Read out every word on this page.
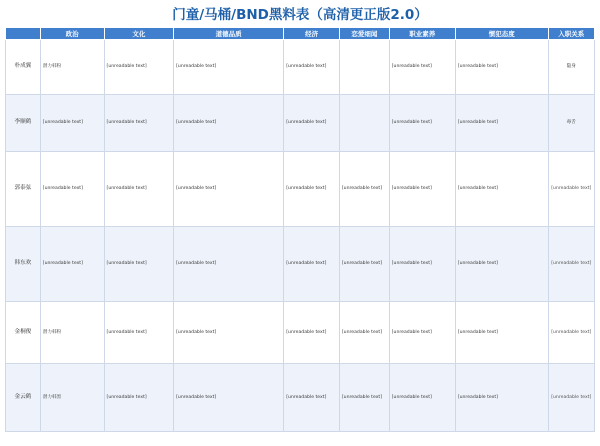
门童/马桶/BND黑料表（高清更正版2.0）
	政治	文化	道德品质	经济	恋爱细闻	职业素养	惯犯态度	入职关系
朴成翼	潜力韩粉	[unreadable text]	[unreadable text]	[unreadable text]		[unreadable text]	[unreadable text]	隐身
李顺鹤	[unreadable text]	[unreadable text]	[unreadable text]	[unreadable text]		[unreadable text]	[unreadable text]	毒舌
郭泰弦	[unreadable text]	[unreadable text]	[unreadable text]	[unreadable text]	[unreadable text]	[unreadable text]	[unreadable text]	[unreadable text]
韩东欢	[unreadable text]	[unreadable text]	[unreadable text]	[unreadable text]	[unreadable text]	[unreadable text]	[unreadable text]	[unreadable text]
金桐俊	潜力韩粉	[unreadable text]	[unreadable text]	[unreadable text]	[unreadable text]	[unreadable text]	[unreadable text]	[unreadable text]
金云鹤	潜力韩黑	[unreadable text]	[unreadable text]	[unreadable text]	[unreadable text]	[unreadable text]	[unreadable text]	[unreadable text]
